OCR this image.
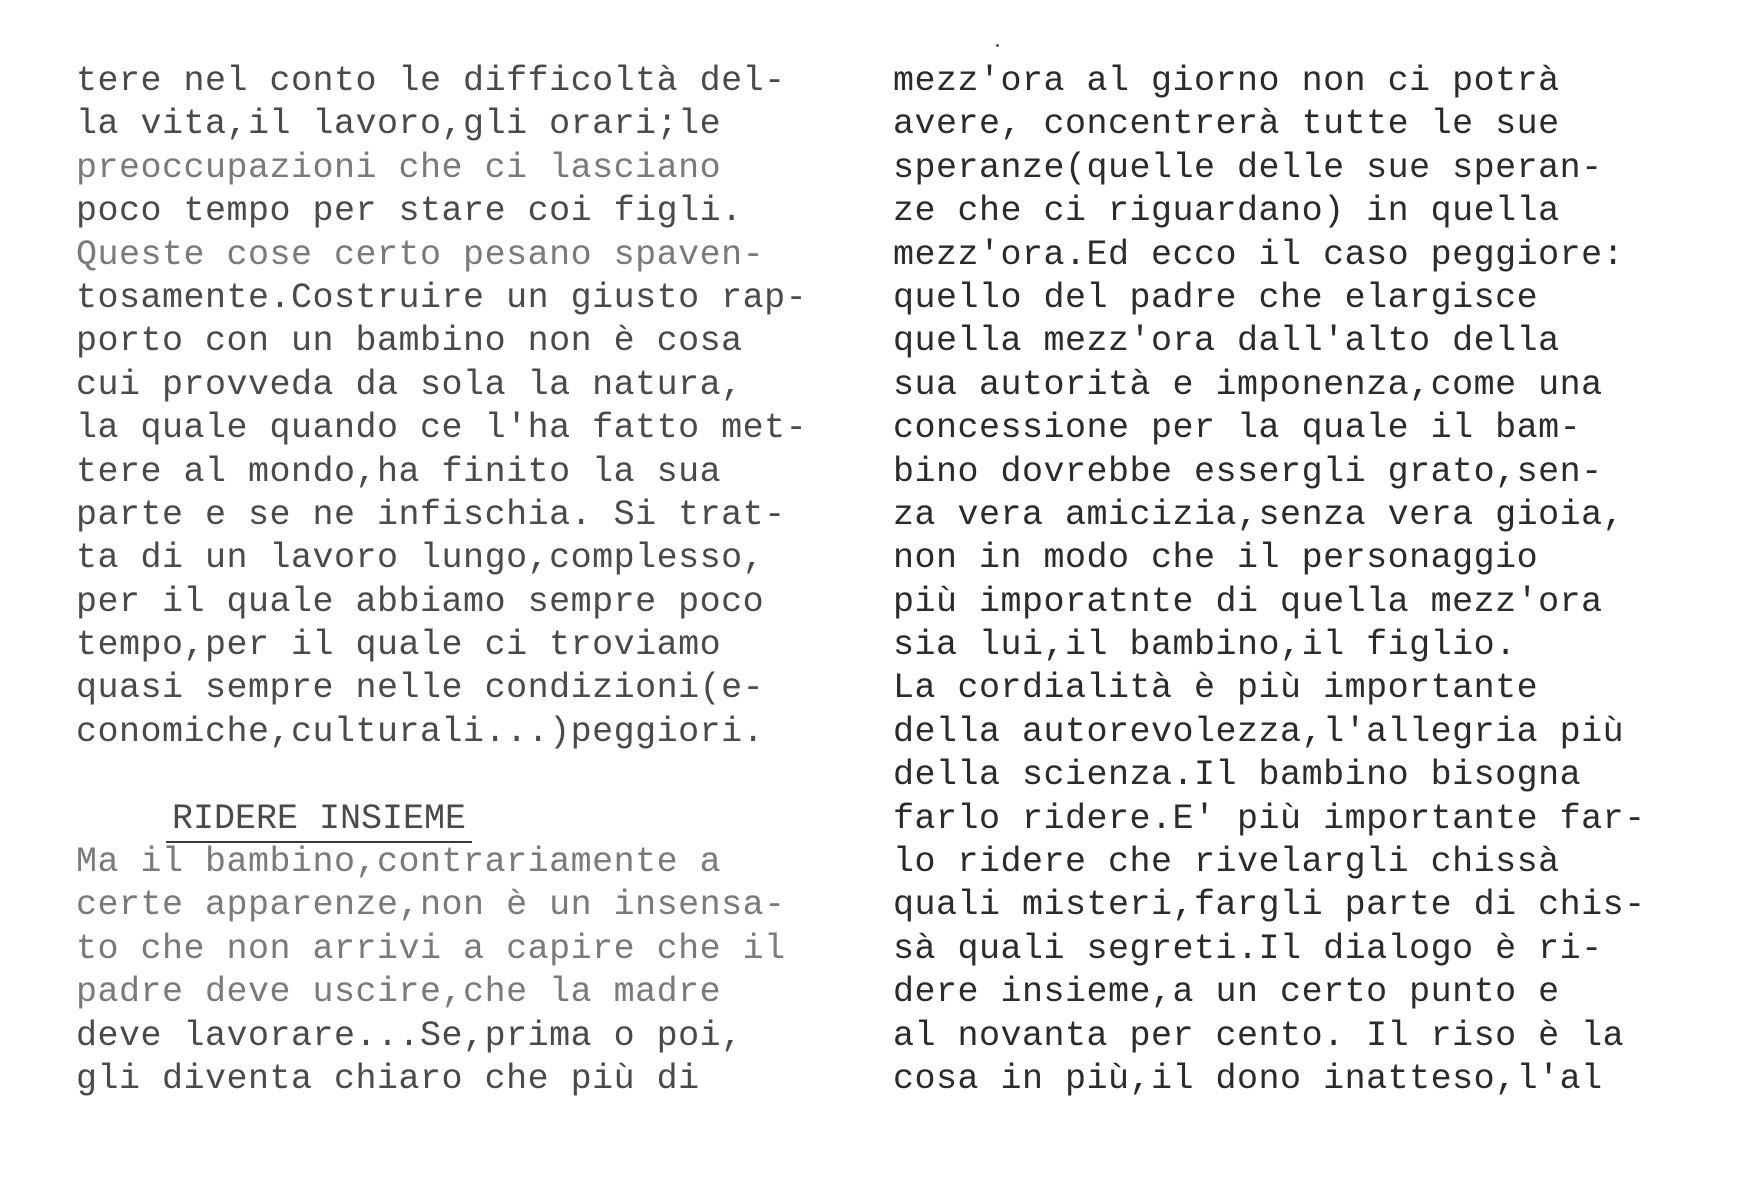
tere nel conto le difficoltà del-
la vita,il lavoro,gli orari;le
preoccupazioni che ci lasciano
poco tempo per stare coi figli.
Queste cose certo pesano spaven-
tosamente.Costruire un giusto rap-
porto con un bambino non è cosa
cui provveda da sola la natura,
la quale quando ce l'ha fatto met-
tere al mondo,ha finito la sua
parte e se ne infischia. Si trat-
ta di un lavoro lungo,complesso,
per il quale abbiamo sempre poco
tempo,per il quale ci troviamo
quasi sempre nelle condizioni(e-
conomiche,culturali...)peggiori.
RIDERE INSIEME
Ma il bambino,contrariamente a
certe apparenze,non è un insensa-
to che non arrivi a capire che il
padre deve uscire,che la madre
deve lavorare...Se,prima o poi,
gli diventa chiaro che più di
mezz'ora al giorno non ci potrà
avere, concentrerà tutte le sue
speranze(quelle delle sue speran-
ze che ci riguardano) in quella
mezz'ora.Ed ecco il caso peggiore:
quello del padre che elargisce
quella mezz'ora dall'alto della
sua autorità e imponenza,come una
concessione per la quale il bam-
bino dovrebbe essergli grato,sen-
za vera amicizia,senza vera gioia,
non in modo che il personaggio
più imporatnte di quella mezz'ora
sia lui,il bambino,il figlio.
La cordialità è più importante
della autorevolezza,l'allegria più
della scienza.Il bambino bisogna
farlo ridere.E' più importante far-
lo ridere che rivelargli chissà
quali misteri,fargli parte di chis-
sà quali segreti.Il dialogo è ri-
dere insieme,a un certo punto e
al novanta per cento. Il riso è la
cosa in più,il dono inatteso,l'al
